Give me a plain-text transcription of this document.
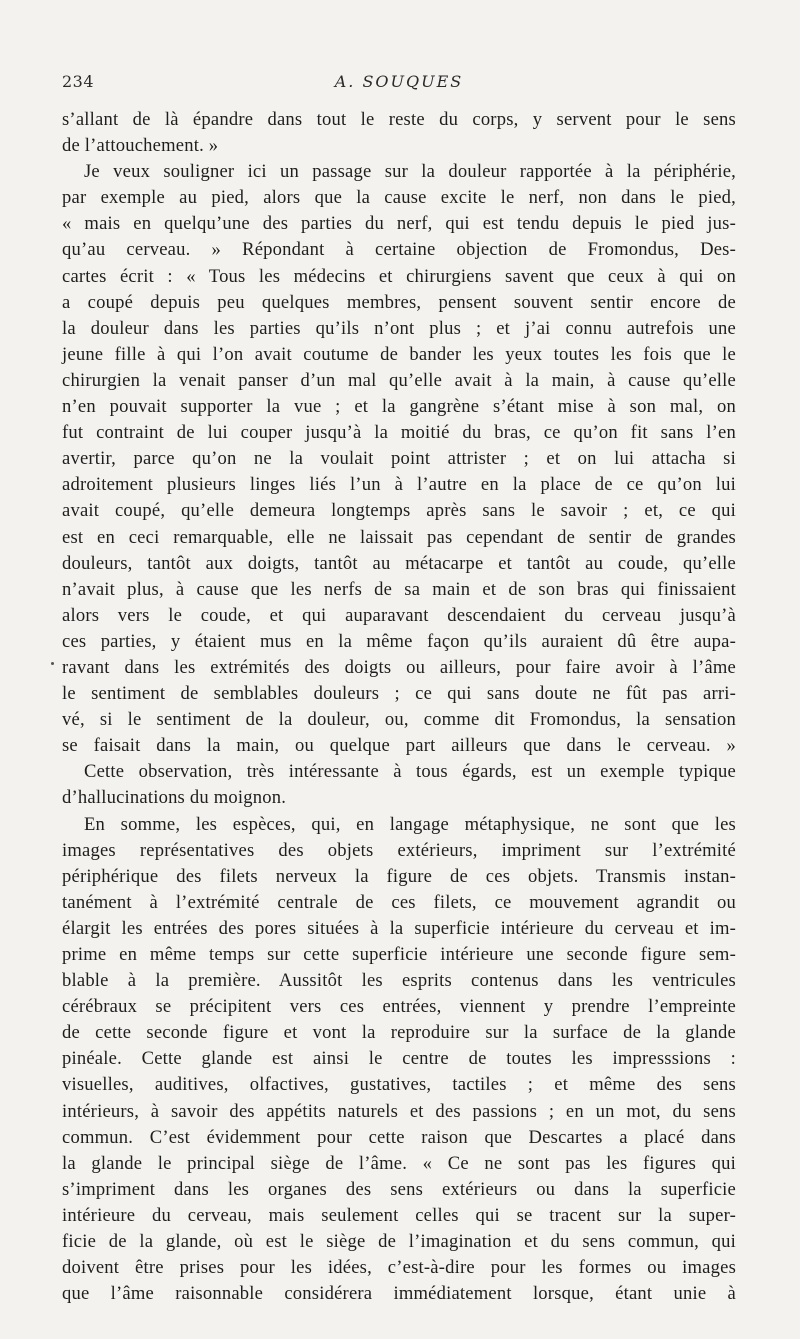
234	A. SOUQUES
s’allant de là épandre dans tout le reste du corps, y servent pour le sens
de l’attouchement. »
Je veux souligner ici un passage sur la douleur rapportée à la périphérie,
par exemple au pied, alors que la cause excite le nerf, non dans le pied,
« mais en quelqu’une des parties du nerf, qui est tendu depuis le pied jus-
qu’au cerveau. » Répondant à certaine objection de Fromondus, Des-
cartes écrit : « Tous les médecins et chirurgiens savent que ceux à qui on
a coupé depuis peu quelques membres, pensent souvent sentir encore de
la douleur dans les parties qu’ils n’ont plus ; et j’ai connu autrefois une
jeune fille à qui l’on avait coutume de bander les yeux toutes les fois que le
chirurgien la venait panser d’un mal qu’elle avait à la main, à cause qu’elle
n’en pouvait supporter la vue ; et la gangrène s’étant mise à son mal, on
fut contraint de lui couper jusqu’à la moitié du bras, ce qu’on fit sans l’en
avertir, parce qu’on ne la voulait point attrister ; et on lui attacha si
adroitement plusieurs linges liés l’un à l’autre en la place de ce qu’on lui
avait coupé, qu’elle demeura longtemps après sans le savoir ; et, ce qui
est en ceci remarquable, elle ne laissait pas cependant de sentir de grandes
douleurs, tantôt aux doigts, tantôt au métacarpe et tantôt au coude, qu’elle
n’avait plus, à cause que les nerfs de sa main et de son bras qui finissaient
alors vers le coude, et qui auparavant descendaient du cerveau jusqu’à
ces parties, y étaient mus en la même façon qu’ils auraient dû être aupa-
ravant dans les extrémités des doigts ou ailleurs, pour faire avoir à l’âme
le sentiment de semblables douleurs ; ce qui sans doute ne fût pas arri-
vé, si le sentiment de la douleur, ou, comme dit Fromondus, la sensation
se faisait dans la main, ou quelque part ailleurs que dans le cerveau. »
Cette observation, très intéressante à tous égards, est un exemple typique
d’hallucinations du moignon.
En somme, les espèces, qui, en langage métaphysique, ne sont que les
images représentatives des objets extérieurs, impriment sur l’extrémité
périphérique des filets nerveux la figure de ces objets. Transmis instan-
tanément à l’extrémité centrale de ces filets, ce mouvement agrandit ou
élargit les entrées des pores situées à la superficie intérieure du cerveau et im-
prime en même temps sur cette superficie intérieure une seconde figure sem-
blable à la première. Aussitôt les esprits contenus dans les ventricules
cérébraux se précipitent vers ces entrées, viennent y prendre l’empreinte
de cette seconde figure et vont la reproduire sur la surface de la glande
pinéale. Cette glande est ainsi le centre de toutes les impresssions :
visuelles, auditives, olfactives, gustatives, tactiles ; et même des sens
intérieurs, à savoir des appétits naturels et des passions ; en un mot, du sens
commun. C’est évidemment pour cette raison que Descartes a placé dans
la glande le principal siège de l’âme. « Ce ne sont pas les figures qui
s’impriment dans les organes des sens extérieurs ou dans la superficie
intérieure du cerveau, mais seulement celles qui se tracent sur la super-
ficie de la glande, où est le siège de l’imagination et du sens commun, qui
doivent être prises pour les idées, c’est-à-dire pour les formes ou images
que l’âme raisonnable considérera immédiatement lorsque, étant unie à
